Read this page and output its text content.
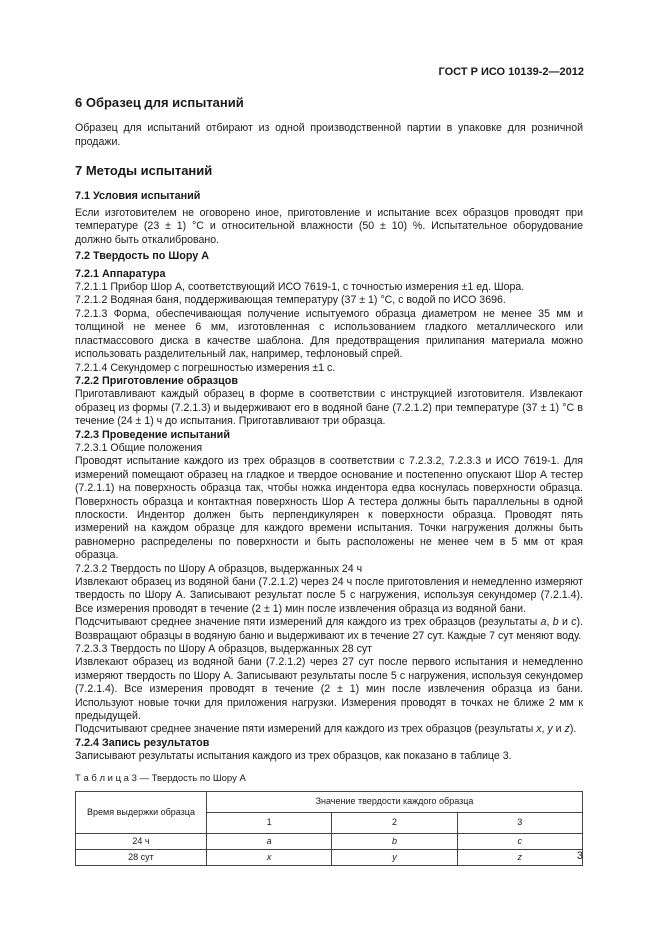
ГОСТ Р ИСО 10139-2—2012
6 Образец для испытаний

Образец для испытаний отбирают из одной производственной партии в упаковке для розничной продажи.

7 Методы испытаний
7.1 Условия испытаний

Если изготовителем не оговорено иное, приготовление и испытание всех образцов проводят при температуре (23 ± 1) °С и относительной влажности (50 ± 10) %. Испытательное оборудование должно быть откалибровано.

7.2 Твердость по Шору А
7.2.1 Аппаратура

7.2.1.1 Прибор Шор А, соответствующий ИСО 7619-1, с точностью измерения ±1 ед. Шора.

7.2.1.2 Водяная баня, поддерживающая температуру (37 ± 1) °С, с водой по ИСО 3696.

7.2.1.3 Форма, обеспечивающая получение испытуемого образца диаметром не менее 35 мм и толщиной не менее 6 мм, изготовленная с использованием гладкого металлического или пластмассового диска в качестве шаблона. Для предотвращения прилипания материала можно использовать разделительный лак, например, тефлоновый спрей.

7.2.1.4 Секундомер с погрешностью измерения ±1 с.

7.2.2 Приготовление образцов

Приготавливают каждый образец в форме в соответствии с инструкцией изготовителя. Извлекают образец из формы (7.2.1.3) и выдерживают его в водяной бане (7.2.1.2) при температуре (37 ± 1) °С в течение (24 ± 1) ч до испытания. Приготавливают три образца.

7.2.3 Проведение испытаний

7.2.3.1 Общие положения

Проводят испытание каждого из трех образцов в соответствии с 7.2.3.2, 7.2.3.3 и ИСО 7619-1. Для измерений помещают образец на гладкое и твердое основание и постепенно опускают Шор А тестер (7.2.1.1) на поверхность образца так, чтобы ножка индентора едва коснулась поверхности образца. Поверхность образца и контактная поверхность Шор А тестера должны быть параллельны в одной плоскости. Индентор должен быть перпендикулярен к поверхности образца. Проводят пять измерений на каждом образце для каждого времени испытания. Точки нагружения должны быть равномерно распределены по поверхности и быть расположены не менее чем в 5 мм от края образца.

7.2.3.2 Твердость по Шору А образцов, выдержанных 24 ч

Извлекают образец из водяной бани (7.2.1.2) через 24 ч после приготовления и немедленно измеряют твердость по Шору А. Записывают результат после 5 с нагружения, используя секундомер (7.2.1.4). Все измерения проводят в течение (2 ± 1) мин после извлечения образца из водяной бани.

Подсчитывают среднее значение пяти измерений для каждого из трех образцов (результаты a, b и c). Возвращают образцы в водяную баню и выдерживают их в течение 27 сут. Каждые 7 сут меняют воду.

7.2.3.3 Твердость по Шору А образцов, выдержанных 28 сут

Извлекают образец из водяной бани (7.2.1.2) через 27 сут после первого испытания и немедленно измеряют твердость по Шору А. Записывают результаты после 5 с нагружения, используя секундомер (7.2.1.4). Все измерения проводят в течение (2 ± 1) мин после извлечения образца из бани. Используют новые точки для приложения нагрузки. Измерения проводят в точках не ближе 2 мм к предыдущей.

Подсчитывают среднее значение пяти измерений для каждого из трех образцов (результаты x, y и z).

7.2.4 Запись результатов

Записывают результаты испытания каждого из трех образцов, как показано в таблице 3.

Т а б л и ц а 3 — Твердость по Шору А
Время выдержки образца	Значение твердости каждого образца		
	1	2	3
24 ч	a	b	c
28 сут	x	y	z	3
